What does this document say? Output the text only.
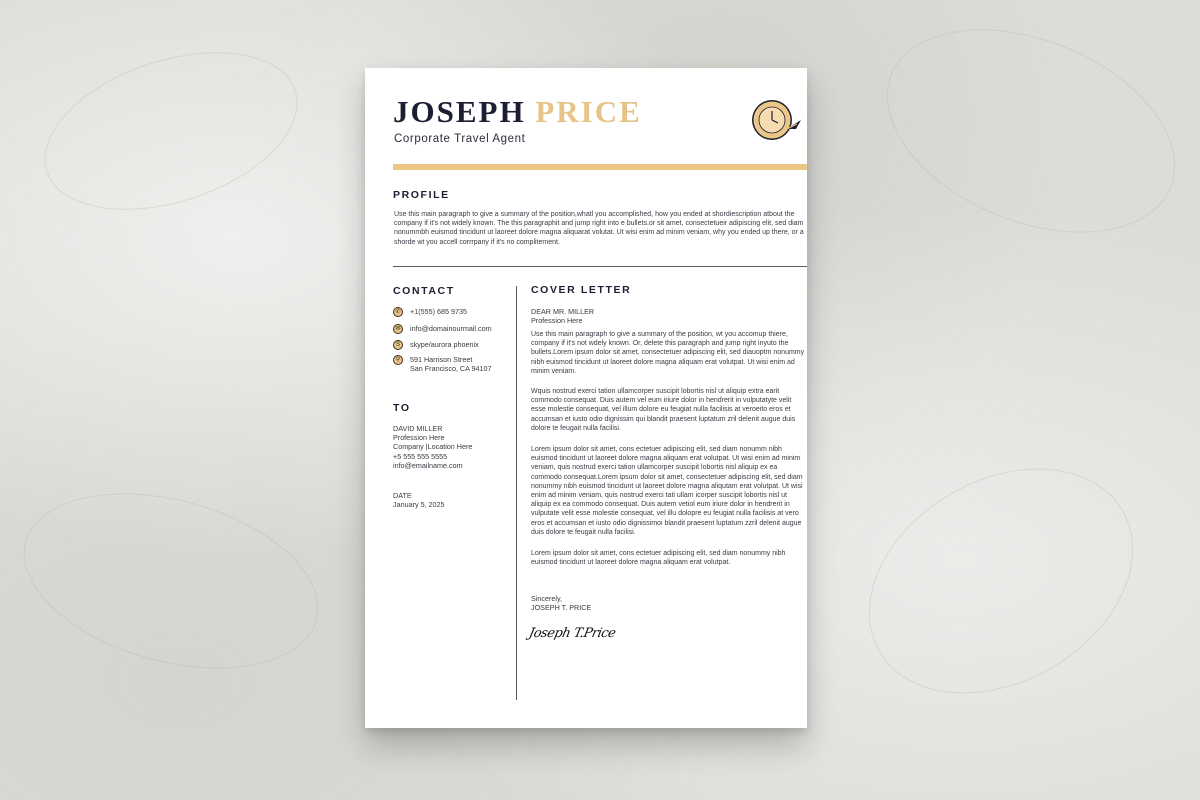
JOSEPH PRICE
Corporate Travel Agent
PROFILE

Use this main paragraph to give a summary of the position,whatl you accomplished, how you ended at shordiescription atbout the company if it's not widely known. The this paragraphit and jump right into e bullets.or sit amet, consectetueir adipiscing elit, sed diam nonummbh euismod tincidunt ut laoreet dolore magna aliquarat volutat. Ut wisi enim ad minim veniam, why you ended up there, or a shorde wt you accell corrrpany if it's no complitement.

CONTACT
✆	+1(555) 685 9735
✉	info@domainourmail.com
S	skype/aurora phoenix
⚲	591 Harrison Street
San Francisco, CA 94107
TO
DAVID MILLER
Profession Here
Company |Location Here
+5 555 555 5555
info@emailname.com
DATE
January 5, 2025
COVER LETTER
DEAR MR. MILLER
Profession Here

Use this main paragraph to give a summary of the position, wt you accomup thiere, company if it's not wdely known. Or, delete this paragraph and jump right inyuto the bullets.Lorem ipsum dolor sit amet, consectetuer adipiscing elit, sed diauoptm nonummy nibh euismod tincidunt ut laoreet dolore magna aliquam erat volutpat. Ut wisi enim ad minim veniam.

Wquis nostrud exerci tation ullamcorper suscipit lobortis nisl ut aliquip extra earit commodo consequat. Duis autem vel eum iriure dolor in hendrerit in vulputatyte velit esse molestie consequat, vel illum dolore eu feugiat nulla facilisis at veroeito eros et accumsan et iusto odio dignissim qui blandit praesent luptatum zril delenit augue duis dolore te feugait nulla facilisi.

Lorem ipsum dolor sit amet, cons ectetuer adipiscing elit, sed diam nonumm nibh euismod tincidunt ut laoreet dolore magna aliquam erat volutpat. Ut wisi enim ad minim veniam, quis nostrud exerci tation ullamcorper suscipit lobortis nisl aliquip ex ea commodo consequat.Lorem ipsum dolor sit amet, consectetuer adipiscing elit, sed diam nonummy nibh euismod tincidunt ut laoreet dolore magna aliqutam erat volutpat. Ut wisi enim ad minim veniam, quis nostrud exerci tati ullam icorper suscipit lobortis nisl ut aliquip ex ea commodo consequat. Duis autem vetiol eum iriure dolor in hendrerit in vulputate velit esse molestie consequat, vel illu dolopre eu feugiat nulla facilisis at vero eros et accumsan et iusto odio dignissimoi blandit praesent luptatum zzril delenit augue duis dolore te feugait nulla facilisi.

Lorem ipsum dolor sit amet, cons ectetuer adipiscing elit, sed diam nonummy nibh euismod tincidunt ut laoreet dolore magna aliquam erat volutpat.

Sincerely,
JOSEPH T. PRICE
Joseph T.Price
